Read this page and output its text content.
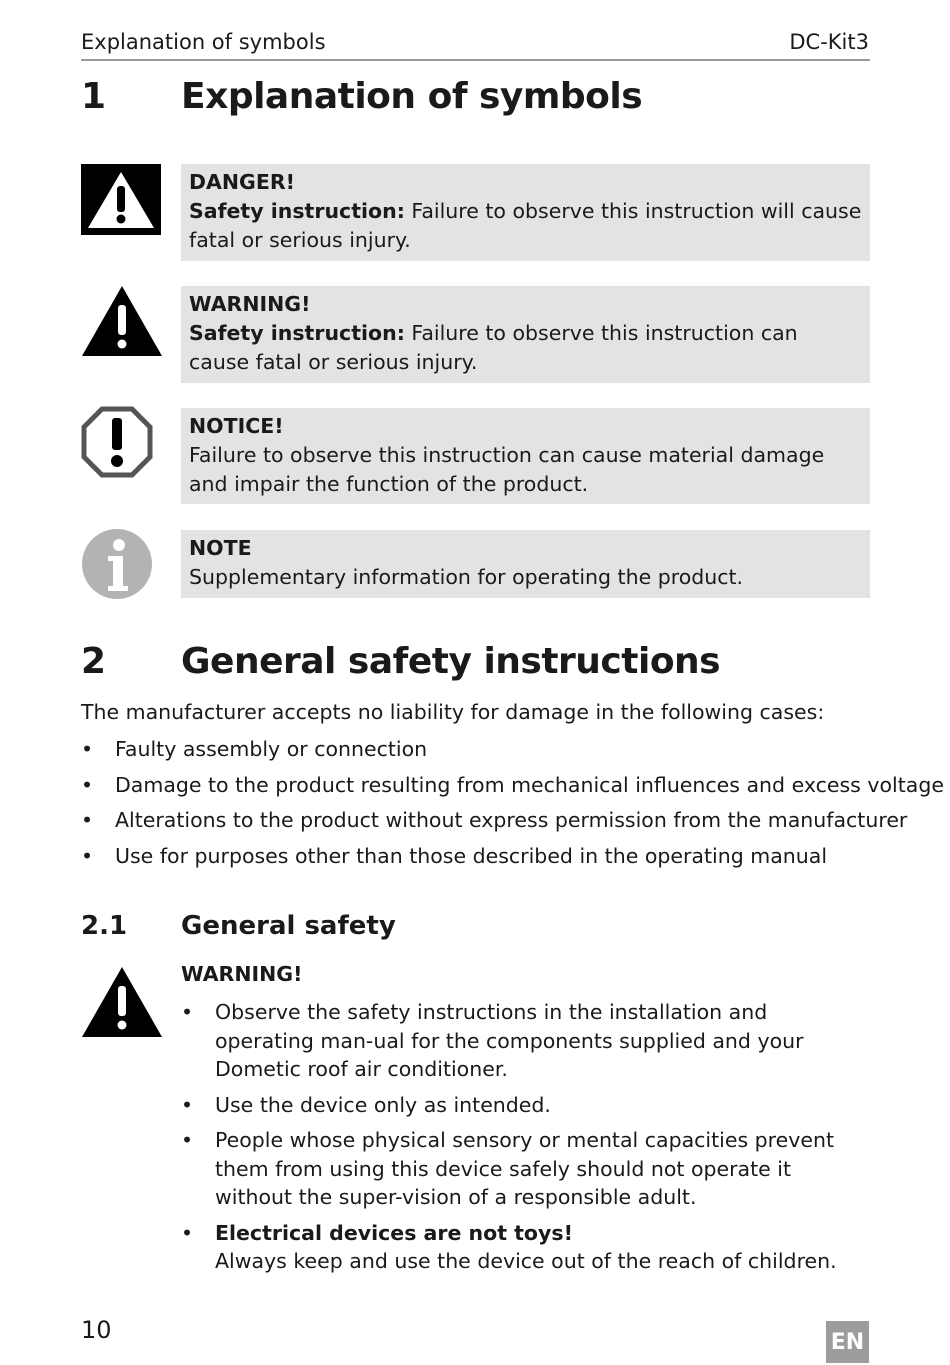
Explanation of symbols	DC-Kit3
1 Explanation of symbols
DANGER!
Safety instruction: Failure to observe this instruction will cause fatal or serious injury.
WARNING!
Safety instruction: Failure to observe this instruction can cause fatal or serious injury.
NOTICE!
Failure to observe this instruction can cause material damage and impair the function of the product.
NOTE
Supplementary information for operating the product.
2 General safety instructions
The manufacturer accepts no liability for damage in the following cases:
• Faulty assembly or connection
• Damage to the product resulting from mechanical influences and excess voltage
• Alterations to the product without express permission from the manufacturer
• Use for purposes other than those described in the operating manual
2.1 General safety
WARNING!
• Observe the safety instructions in the installation and operating man-ual for the components supplied and your Dometic roof air conditioner.
• Use the device only as intended.
• People whose physical sensory or mental capacities prevent them from using this device safely should not operate it without the super-vision of a responsible adult.
• Electrical devices are not toys!
Always keep and use the device out of the reach of children.
10	EN
